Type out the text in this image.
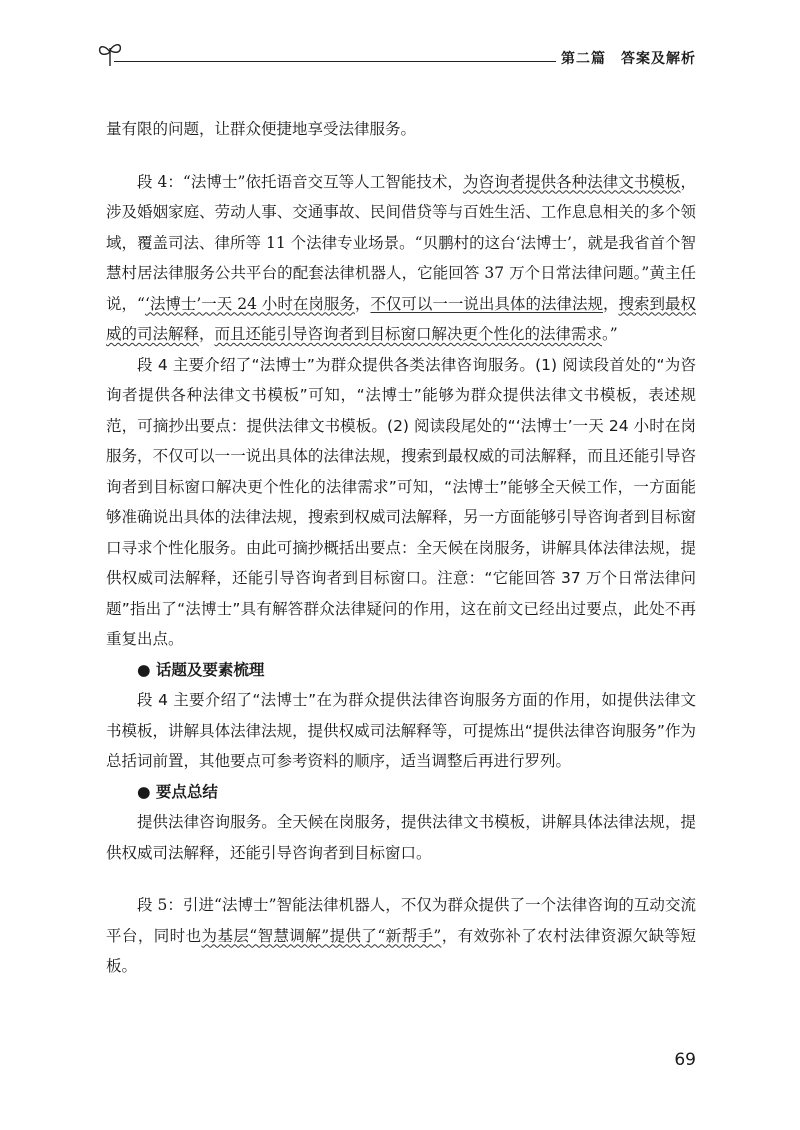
第二篇　答案及解析

量有限的问题，让群众便捷地享受法律服务。

段 4：“法博士”依托语音交互等人工智能技术，为咨询者提供各种法律文书模板，涉及婚姻家庭、劳动人事、交通事故、民间借贷等与百姓生活、工作息息相关的多个领域，覆盖司法、律所等 11 个法律专业场景。“贝鹏村的这台‘法博士’，就是我省首个智慧村居法律服务公共平台的配套法律机器人，它能回答 37 万个日常法律问题。”黄主任说，“‘法博士’一天 24 小时在岗服务，不仅可以一一说出具体的法律法规，搜索到最权威的司法解释，而且还能引导咨询者到目标窗口解决更个性化的法律需求。”

段 4 主要介绍了“法博士”为群众提供各类法律咨询服务。(1) 阅读段首处的“为咨询者提供各种法律文书模板”可知，“法博士”能够为群众提供法律文书模板，表述规范，可摘抄出要点：提供法律文书模板。(2) 阅读段尾处的“‘法博士’一天 24 小时在岗服务，不仅可以一一说出具体的法律法规，搜索到最权威的司法解释，而且还能引导咨询者到目标窗口解决更个性化的法律需求”可知，“法博士”能够全天候工作，一方面能够准确说出具体的法律法规，搜索到权威司法解释，另一方面能够引导咨询者到目标窗口寻求个性化服务。由此可摘抄概括出要点：全天候在岗服务，讲解具体法律法规，提供权威司法解释，还能引导咨询者到目标窗口。注意：“它能回答 37 万个日常法律问题”指出了“法博士”具有解答群众法律疑问的作用，这在前文已经出过要点，此处不再重复出点。

● 话题及要素梳理

段 4 主要介绍了“法博士”在为群众提供法律咨询服务方面的作用，如提供法律文书模板，讲解具体法律法规，提供权威司法解释等，可提炼出“提供法律咨询服务”作为总括词前置，其他要点可参考资料的顺序，适当调整后再进行罗列。

● 要点总结

提供法律咨询服务。全天候在岗服务，提供法律文书模板，讲解具体法律法规，提供权威司法解释，还能引导咨询者到目标窗口。

段 5：引进“法博士”智能法律机器人，不仅为群众提供了一个法律咨询的互动交流平台，同时也为基层“智慧调解”提供了“新帮手”，有效弥补了农村法律资源欠缺等短板。

69
